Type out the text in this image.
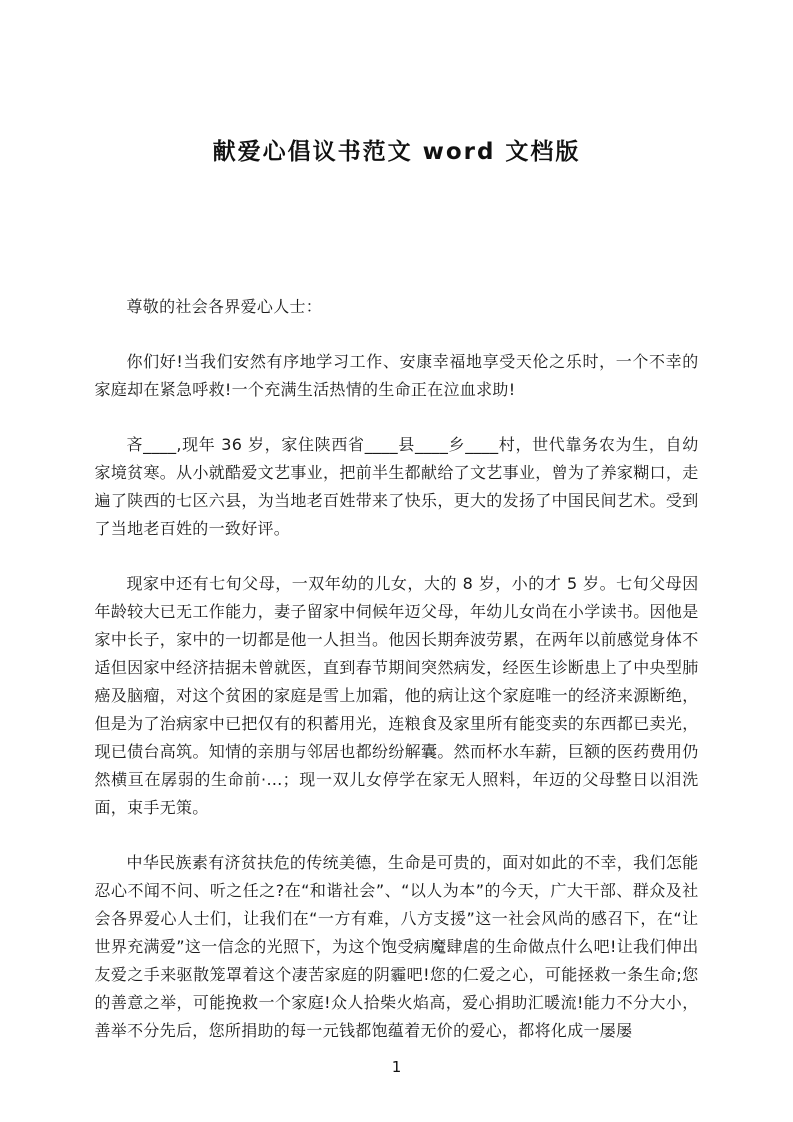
献爱心倡议书范文 word 文档版

尊敬的社会各界爱心人士：

你们好!当我们安然有序地学习工作、安康幸福地享受天伦之乐时，一个不幸的家庭却在紧急呼救!一个充满生活热情的生命正在泣血求助!

吝____,现年 36 岁，家住陕西省____县____乡____村，世代靠务农为生，自幼家境贫寒。从小就酷爱文艺事业，把前半生都献给了文艺事业，曾为了养家糊口，走遍了陕西的七区六县，为当地老百姓带来了快乐，更大的发扬了中国民间艺术。受到了当地老百姓的一致好评。

现家中还有七旬父母，一双年幼的儿女，大的 8 岁，小的才 5 岁。七旬父母因年龄较大已无工作能力，妻子留家中伺候年迈父母，年幼儿女尚在小学读书。因他是家中长子，家中的一切都是他一人担当。他因长期奔波劳累，在两年以前感觉身体不适但因家中经济拮据未曾就医，直到春节期间突然病发，经医生诊断患上了中央型肺癌及脑瘤，对这个贫困的家庭是雪上加霜，他的病让这个家庭唯一的经济来源断绝，但是为了治病家中已把仅有的积蓄用光，连粮食及家里所有能变卖的东西都已卖光，现已债台高筑。知情的亲朋与邻居也都纷纷解囊。然而杯水车薪，巨额的医药费用仍然横亘在孱弱的生命前·…；现一双儿女停学在家无人照料，年迈的父母整日以泪洗面，束手无策。

中华民族素有济贫扶危的传统美德，生命是可贵的，面对如此的不幸，我们怎能忍心不闻不问、听之任之?在“和谐社会”、“以人为本”的今天，广大干部、群众及社会各界爱心人士们，让我们在“一方有难，八方支援”这一社会风尚的感召下，在“让世界充满爱”这一信念的光照下，为这个饱受病魔肆虐的生命做点什么吧!让我们伸出友爱之手来驱散笼罩着这个凄苦家庭的阴霾吧!您的仁爱之心，可能拯救一条生命;您的善意之举，可能挽救一个家庭!众人拾柴火焰高，爱心捐助汇暖流!能力不分大小，善举不分先后，您所捐助的每一元钱都饱蕴着无价的爱心，都将化成一屡屡

1
